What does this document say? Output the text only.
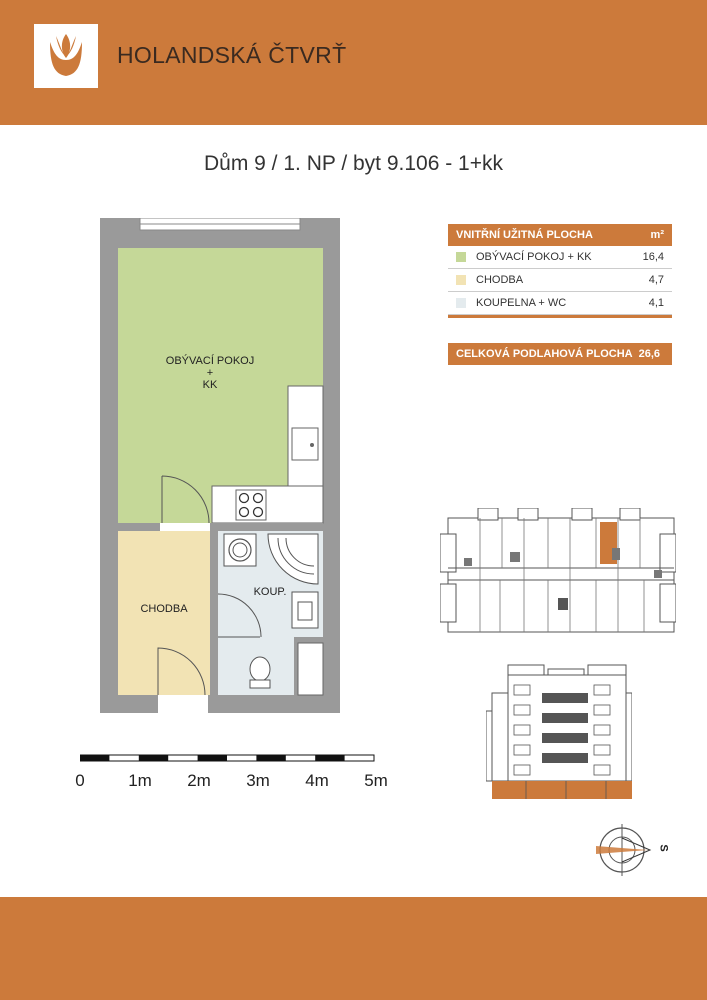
HOLANDSKÁ ČTVRŤ
Dům 9 / 1. NP / byt 9.106 - 1+kk
VNITŘNÍ UŽITNÁ PLOCHA	m²
OBÝVACÍ POKOJ + KK	16,4
CHODBA	4,7
KOUPELNA + WC	4,1
CELKOVÁ PODLAHOVÁ PLOCHA 26,6
OBÝVACÍ POKOJ
+
KK
CHODBA
KOUP.
0	1m 2m 3m 4m 5m
S
